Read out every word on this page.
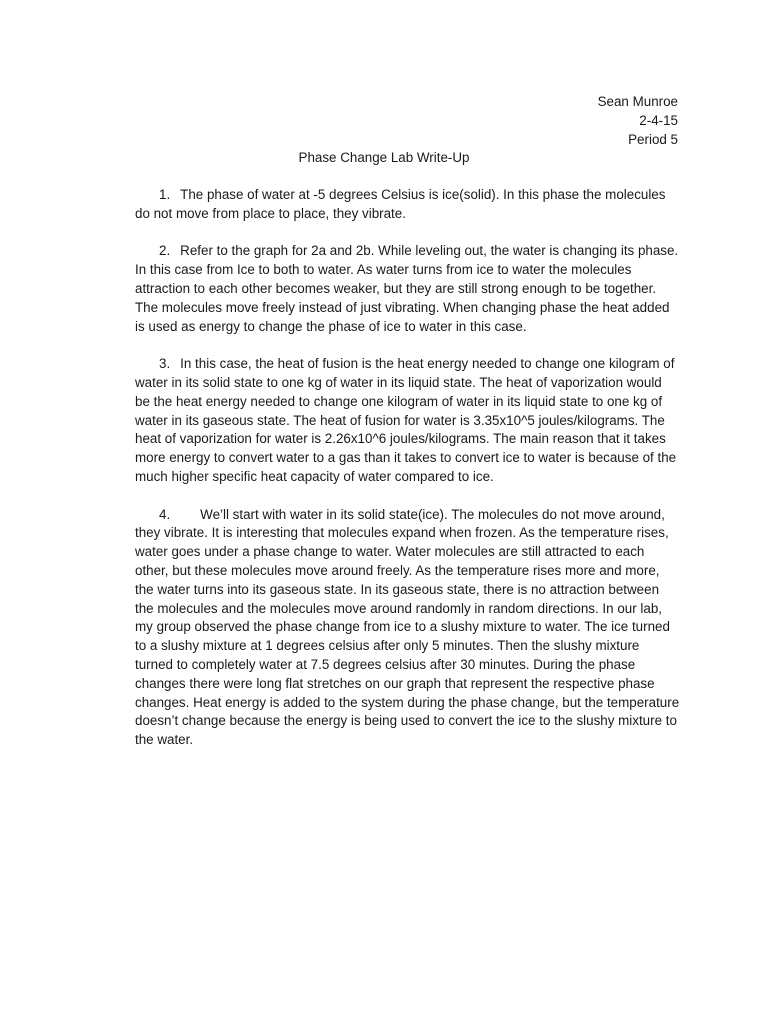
Sean Munroe
2-4-15
Period 5
Phase Change Lab Write-Up

1. The phase of water at -5 degrees Celsius is ice(solid). In this phase the molecules do not move from place to place, they vibrate.

2. Refer to the graph for 2a and 2b. While leveling out, the water is changing its phase. In this case from Ice to both to water. As water turns from ice to water the molecules attraction to each other becomes weaker, but they are still strong enough to be together. The molecules move freely instead of just vibrating. When changing phase the heat added is used as energy to change the phase of ice to water in this case.

3. In this case, the heat of fusion is the heat energy needed to change one kilogram of water in its solid state to one kg of water in its liquid state. The heat of vaporization would be the heat energy needed to change one kilogram of water in its liquid state to one kg of water in its gaseous state. The heat of fusion for water is 3.35x10^5 joules/kilograms. The heat of vaporization for water is 2.26x10^6 joules/kilograms. The main reason that it takes more energy to convert water to a gas than it takes to convert ice to water is because of the much higher specific heat capacity of water compared to ice.

4. We’ll start with water in its solid state(ice). The molecules do not move around, they vibrate. It is interesting that molecules expand when frozen. As the temperature rises, water goes under a phase change to water. Water molecules are still attracted to each other, but these molecules move around freely. As the temperature rises more and more, the water turns into its gaseous state. In its gaseous state, there is no attraction between the molecules and the molecules move around randomly in random directions. In our lab, my group observed the phase change from ice to a slushy mixture to water. The ice turned to a slushy mixture at 1 degrees celsius after only 5 minutes. Then the slushy mixture turned to completely water at 7.5 degrees celsius after 30 minutes. During the phase changes there were long flat stretches on our graph that represent the respective phase changes. Heat energy is added to the system during the phase change, but the temperature doesn’t change because the energy is being used to convert the ice to the slushy mixture to the water.
